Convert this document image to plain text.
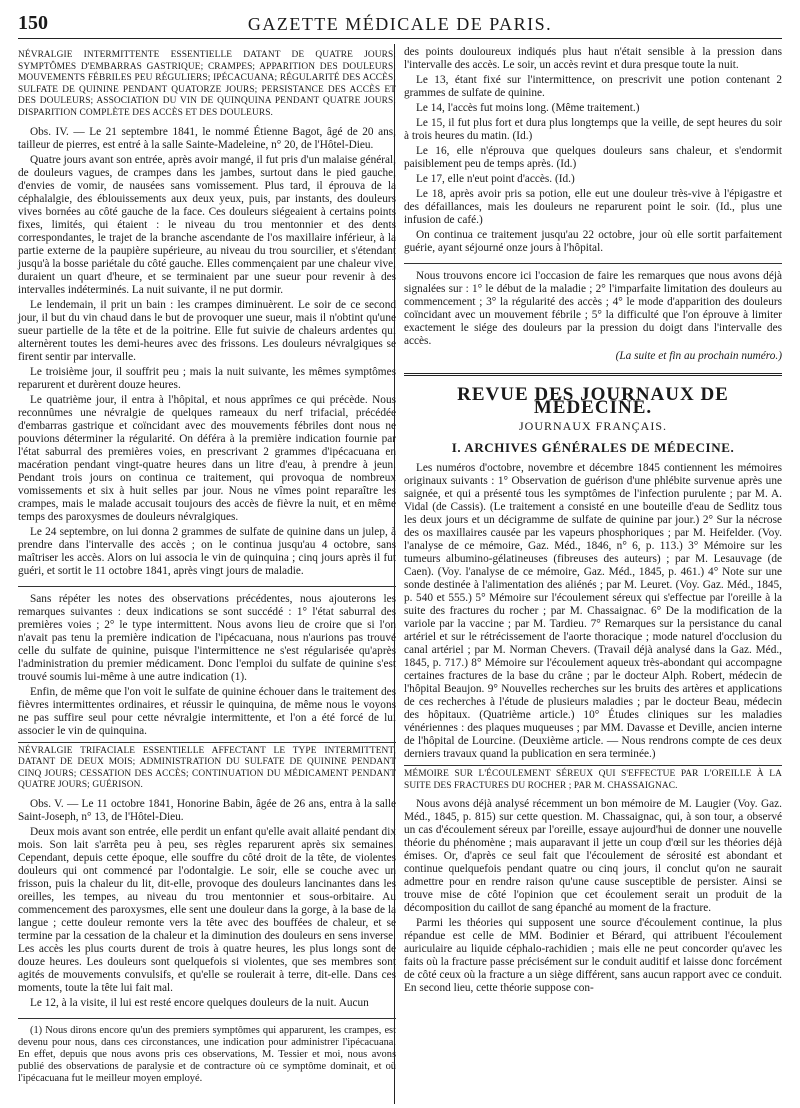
150	GAZETTE MÉDICALE DE PARIS.
NÉVRALGIE INTERMITTENTE ESSENTIELLE DATANT DE QUATRE JOURS; SYMPTÔMES D'EMBARRAS GASTRIQUE; CRAMPES; APPARITION DES DOULEURS; MOUVEMENTS FÉBRILES PEU RÉGULIERS; IPÉCACUANA; RÉGULARITÉ DES ACCÈS; SULFATE DE QUININE PENDANT QUATORZE JOURS; PERSISTANCE DES ACCÈS ET DES DOULEURS; ASSOCIATION DU VIN DE QUINQUINA PENDANT QUATRE JOURS; DISPARITION COMPLÈTE DES ACCÈS ET DES DOULEURS.

Obs. IV. — Le 21 septembre 1841, le nommé Étienne Bagot, âgé de 20 ans, tailleur de pierres, est entré à la salle Sainte-Madeleine, n° 20, de l'Hôtel-Dieu.

Quatre jours avant son entrée, après avoir mangé, il fut pris d'un malaise général, de douleurs vagues, de crampes dans les jambes, surtout dans le pied gauche, d'envies de vomir, de nausées sans vomissement. Plus tard, il éprouva de la céphalalgie, des éblouissements aux deux yeux, puis, par instants, des douleurs vives bornées au côté gauche de la face. Ces douleurs siégeaient à certains points fixes, limités, qui étaient : le niveau du trou mentonnier et des dents correspondantes, le trajet de la branche ascendante de l'os maxillaire inférieur, à la partie externe de la paupière supérieure, au niveau du trou sourcilier, et s'étendant jusqu'à la bosse pariétale du côté gauche. Elles commençaient par une chaleur vive, duraient un quart d'heure, et se terminaient par une sueur pour revenir à des intervalles indéterminés. La nuit suivante, il ne put dormir.

Le lendemain, il prit un bain : les crampes diminuèrent. Le soir de ce second jour, il but du vin chaud dans le but de provoquer une sueur, mais il n'obtint qu'une sueur partielle de la tête et de la poitrine. Elle fut suivie de chaleurs ardentes qui alternèrent toutes les demi-heures avec des frissons. Les douleurs névralgiques se firent sentir par intervalle.

Le troisième jour, il souffrit peu ; mais la nuit suivante, les mêmes symptômes reparurent et durèrent douze heures.

Le quatrième jour, il entra à l'hôpital, et nous apprîmes ce qui précède. Nous reconnûmes une névralgie de quelques rameaux du nerf trifacial, précédée d'embarras gastrique et coïncidant avec des mouvements fébriles dont nous ne pouvions déterminer la régularité. On déféra à la première indication fournie par l'état saburral des premières voies, en prescrivant 2 grammes d'ipécacuana en macération pendant vingt-quatre heures dans un litre d'eau, à prendre à jeun. Pendant trois jours on continua ce traitement, qui provoqua de nombreux vomissements et six à huit selles par jour. Nous ne vîmes point reparaître les crampes, mais le malade accusait toujours des accès de fièvre la nuit, et en même temps des paroxysmes de douleurs névralgiques.

Le 24 septembre, on lui donna 2 grammes de sulfate de quinine dans un julep, à prendre dans l'intervalle des accès ; on le continua jusqu'au 4 octobre, sans maîtriser les accès. Alors on lui associa le vin de quinquina ; cinq jours après il fut guéri, et sortit le 11 octobre 1841, après vingt jours de maladie.

Sans répéter les notes des observations précédentes, nous ajouterons les remarques suivantes : deux indications se sont succédé : 1° l'état saburral des premières voies ; 2° le type intermittent. Nous avons lieu de croire que si l'on n'avait pas tenu la première indication de l'ipécacuana, nous n'aurions pas trouvé celle du sulfate de quinine, puisque l'intermittence ne s'est régularisée qu'après l'administration du premier médicament. Donc l'emploi du sulfate de quinine s'est trouvé soumis lui-même à une autre indication (1).

Enfin, de même que l'on voit le sulfate de quinine échouer dans le traitement des fièvres intermittentes ordinaires, et réussir le quinquina, de même nous le voyons ne pas suffire seul pour cette névralgie intermittente, et l'on a été forcé de lui associer le vin de quinquina.

NÉVRALGIE TRIFACIALE ESSENTIELLE AFFECTANT LE TYPE INTERMITTENT, DATANT DE DEUX MOIS; ADMINISTRATION DU SULFATE DE QUININE PENDANT CINQ JOURS; CESSATION DES ACCÈS; CONTINUATION DU MÉDICAMENT PENDANT QUATRE JOURS; GUÉRISON.

Obs. V. — Le 11 octobre 1841, Honorine Babin, âgée de 26 ans, entra à la salle Saint-Joseph, n° 13, de l'Hôtel-Dieu.

Deux mois avant son entrée, elle perdit un enfant qu'elle avait allaité pendant dix mois. Son lait s'arrêta peu à peu, ses règles reparurent après six semaines. Cependant, depuis cette époque, elle souffre du côté droit de la tête, de violentes douleurs qui ont commencé par l'odontalgie. Le soir, elle se couche avec un frisson, puis la chaleur du lit, dit-elle, provoque des douleurs lancinantes dans les oreilles, les tempes, au niveau du trou mentonnier et sous-orbitaire. Au commencement des paroxysmes, elle sent une douleur dans la gorge, à la base de la langue ; cette douleur remonte vers la tête avec des bouffées de chaleur, et se termine par la cessation de la chaleur et la diminution des douleurs en sens inverse. Les accès les plus courts durent de trois à quatre heures, les plus longs sont de douze heures. Les douleurs sont quelquefois si violentes, que ses membres sont agités de mouvements convulsifs, et qu'elle se roulerait à terre, dit-elle. Dans ces moments, toute la tête lui fait mal.

Le 12, à la visite, il lui est resté encore quelques douleurs de la nuit. Aucun

(1) Nous dirons encore qu'un des premiers symptômes qui apparurent, les crampes, est devenu pour nous, dans ces circonstances, une indication pour administrer l'ipécacuana. En effet, depuis que nous avons pris ces observations, M. Tessier et moi, nous avons publié des observations de paralysie et de contracture où ce symptôme dominait, et où l'ipécacuana fut le meilleur moyen employé.

des points douloureux indiqués plus haut n'était sensible à la pression dans l'intervalle des accès. Le soir, un accès revint et dura presque toute la nuit.

Le 13, étant fixé sur l'intermittence, on prescrivit une potion contenant 2 grammes de sulfate de quinine.

Le 14, l'accès fut moins long. (Même traitement.)

Le 15, il fut plus fort et dura plus longtemps que la veille, de sept heures du soir à trois heures du matin. (Id.)

Le 16, elle n'éprouva que quelques douleurs sans chaleur, et s'endormit paisiblement peu de temps après. (Id.)

Le 17, elle n'eut point d'accès. (Id.)

Le 18, après avoir pris sa potion, elle eut une douleur très-vive à l'épigastre et des défaillances, mais les douleurs ne reparurent point le soir. (Id., plus une infusion de café.)

On continua ce traitement jusqu'au 22 octobre, jour où elle sortit parfaitement guérie, ayant séjourné onze jours à l'hôpital.

Nous trouvons encore ici l'occasion de faire les remarques que nous avons déjà signalées sur : 1° le début de la maladie ; 2° l'imparfaite limitation des douleurs au commencement ; 3° la régularité des accès ; 4° le mode d'apparition des douleurs coïncidant avec un mouvement fébrile ; 5° la difficulté que l'on éprouve à limiter exactement le siége des douleurs par la pression du doigt dans l'intervalle des accès.

(La suite et fin au prochain numéro.)

REVUE DES JOURNAUX DE MÉDECINE.
JOURNAUX FRANÇAIS.
I. ARCHIVES GÉNÉRALES DE MÉDECINE.

Les numéros d'octobre, novembre et décembre 1845 contiennent les mémoires originaux suivants : 1° Observation de guérison d'une phlébite survenue après une saignée, et qui a présenté tous les symptômes de l'infection purulente ; par M. A. Vidal (de Cassis). (Le traitement a consisté en une bouteille d'eau de Sedlitz tous les deux jours et un décigramme de sulfate de quinine par jour.) 2° Sur la nécrose des os maxillaires causée par les vapeurs phosphoriques ; par M. Heifelder. (Voy. l'analyse de ce mémoire, Gaz. Méd., 1846, n° 6, p. 113.) 3° Mémoire sur les tumeurs albumino-gélatineuses (fibreuses des auteurs) ; par M. Lesauvage (de Caen). (Voy. l'analyse de ce mémoire, Gaz. Méd., 1845, p. 461.) 4° Note sur une sonde destinée à l'alimentation des aliénés ; par M. Leuret. (Voy. Gaz. Méd., 1845, p. 540 et 555.) 5° Mémoire sur l'écoulement séreux qui s'effectue par l'oreille à la suite des fractures du rocher ; par M. Chassaignac. 6° De la modification de la variole par la vaccine ; par M. Tardieu. 7° Remarques sur la persistance du canal artériel et sur le rétrécissement de l'aorte thoracique ; mode naturel d'occlusion du canal artériel ; par M. Norman Chevers. (Travail déjà analysé dans la Gaz. Méd., 1845, p. 717.) 8° Mémoire sur l'écoulement aqueux très-abondant qui accompagne certaines fractures de la base du crâne ; par le docteur Alph. Robert, médecin de l'hôpital Beaujon. 9° Nouvelles recherches sur les bruits des artères et applications de ces recherches à l'étude de plusieurs maladies ; par le docteur Beau, médecin des hôpitaux. (Quatrième article.) 10° Études cliniques sur les maladies vénériennes : des plaques muqueuses ; par MM. Davasse et Deville, ancien interne de l'hôpital de Lourcine. (Deuxième article. — Nous rendrons compte de ces deux derniers travaux quand la publication en sera terminée.)

MÉMOIRE SUR L'ÉCOULEMENT SÉREUX QUI S'EFFECTUE PAR L'OREILLE À LA SUITE DES FRACTURES DU ROCHER ; PAR M. CHASSAIGNAC.

Nous avons déjà analysé récemment un bon mémoire de M. Laugier (Voy. Gaz. Méd., 1845, p. 815) sur cette question. M. Chassaignac, qui, à son tour, a observé un cas d'écoulement séreux par l'oreille, essaye aujourd'hui de donner une nouvelle théorie du phénomène ; mais auparavant il jette un coup d'œil sur les théories déjà émises. Or, d'après ce seul fait que l'écoulement de sérosité est abondant et continue quelquefois pendant quatre ou cinq jours, il conclut qu'on ne saurait admettre pour en rendre raison qu'une cause susceptible de persister. Ainsi se trouve mise de côté l'opinion que cet écoulement serait un produit de la décomposition du caillot de sang épanché au moment de la fracture.

Parmi les théories qui supposent une source d'écoulement continue, la plus répandue est celle de MM. Bodinier et Bérard, qui attribuent l'écoulement auriculaire au liquide céphalo-rachidien ; mais elle ne peut concorder qu'avec les faits où la fracture passe précisément sur le conduit auditif et laisse donc forcément de côté ceux où la fracture a un siège différent, sans aucun rapport avec ce conduit. En second lieu, cette théorie suppose con-
